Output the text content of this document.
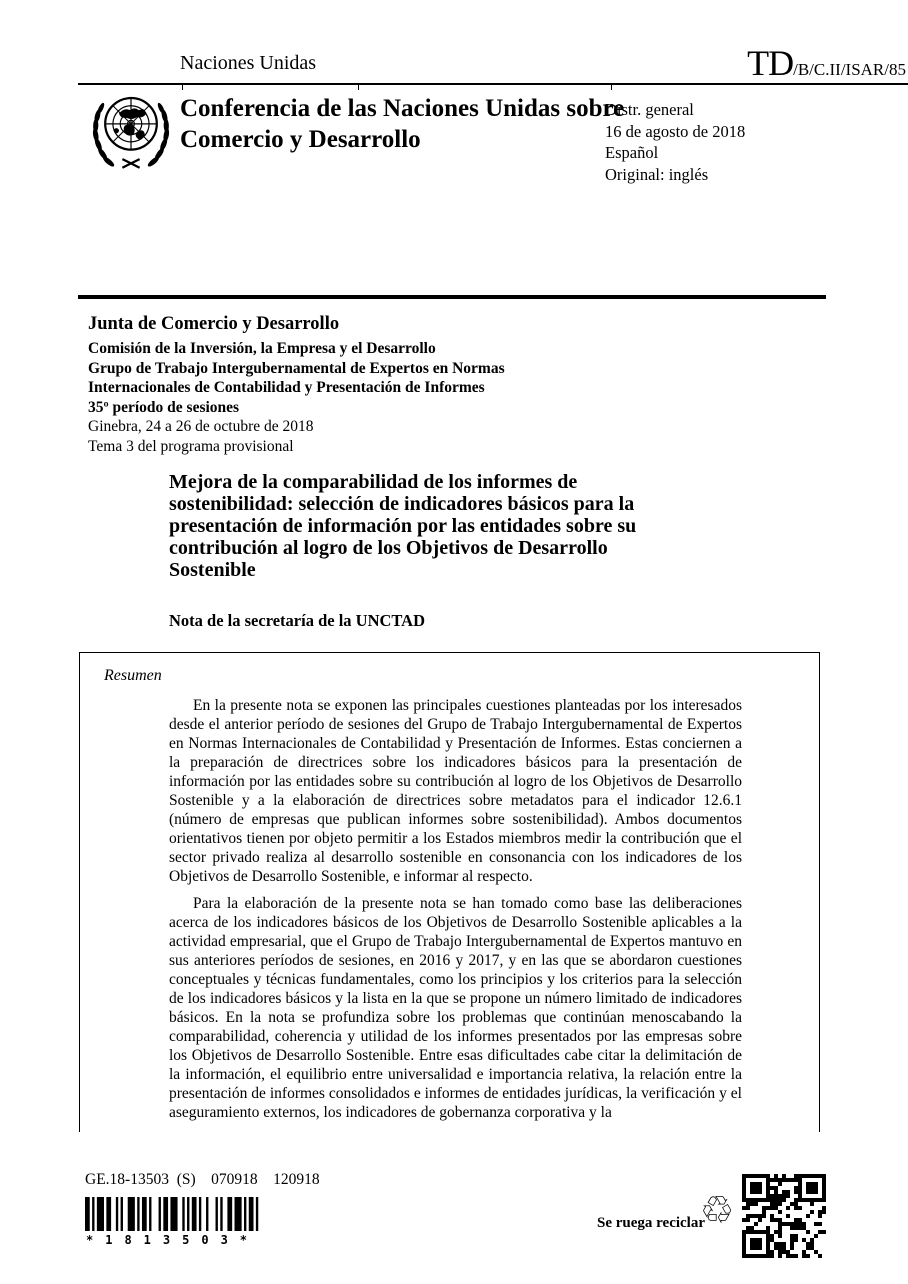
Naciones Unidas	TD /B/C.II/ISAR/85
Conferencia de las Naciones Unidas sobre Comercio y Desarrollo
Distr. general
16 de agosto de 2018
Español
Original: inglés
Junta de Comercio y Desarrollo
Comisión de la Inversión, la Empresa y el Desarrollo
Grupo de Trabajo Intergubernamental de Expertos en Normas
Internacionales de Contabilidad y Presentación de Informes
35º período de sesiones
Ginebra, 24 a 26 de octubre de 2018
Tema 3 del programa provisional
Mejora de la comparabilidad de los informes de sostenibilidad: selección de indicadores básicos para la presentación de información por las entidades sobre su contribución al logro de los Objetivos de Desarrollo Sostenible
Nota de la secretaría de la UNCTAD
Resumen

En la presente nota se exponen las principales cuestiones planteadas por los interesados desde el anterior período de sesiones del Grupo de Trabajo Intergubernamental de Expertos en Normas Internacionales de Contabilidad y Presentación de Informes. Estas conciernen a la preparación de directrices sobre los indicadores básicos para la presentación de información por las entidades sobre su contribución al logro de los Objetivos de Desarrollo Sostenible y a la elaboración de directrices sobre metadatos para el indicador 12.6.1 (número de empresas que publican informes sobre sostenibilidad). Ambos documentos orientativos tienen por objeto permitir a los Estados miembros medir la contribución que el sector privado realiza al desarrollo sostenible en consonancia con los indicadores de los Objetivos de Desarrollo Sostenible, e informar al respecto.

Para la elaboración de la presente nota se han tomado como base las deliberaciones acerca de los indicadores básicos de los Objetivos de Desarrollo Sostenible aplicables a la actividad empresarial, que el Grupo de Trabajo Intergubernamental de Expertos mantuvo en sus anteriores períodos de sesiones, en 2016 y 2017, y en las que se abordaron cuestiones conceptuales y técnicas fundamentales, como los principios y los criterios para la selección de los indicadores básicos y la lista en la que se propone un número limitado de indicadores básicos. En la nota se profundiza sobre los problemas que continúan menoscabando la comparabilidad, coherencia y utilidad de los informes presentados por las empresas sobre los Objetivos de Desarrollo Sostenible. Entre esas dificultades cabe citar la delimitación de la información, el equilibrio entre universalidad e importancia relativa, la relación entre la presentación de informes consolidados e informes de entidades jurídicas, la verificación y el aseguramiento externos, los indicadores de gobernanza corporativa y la

GE.18-13503  (S)    070918    120918
*1813503*
Se ruega reciclar
♲
